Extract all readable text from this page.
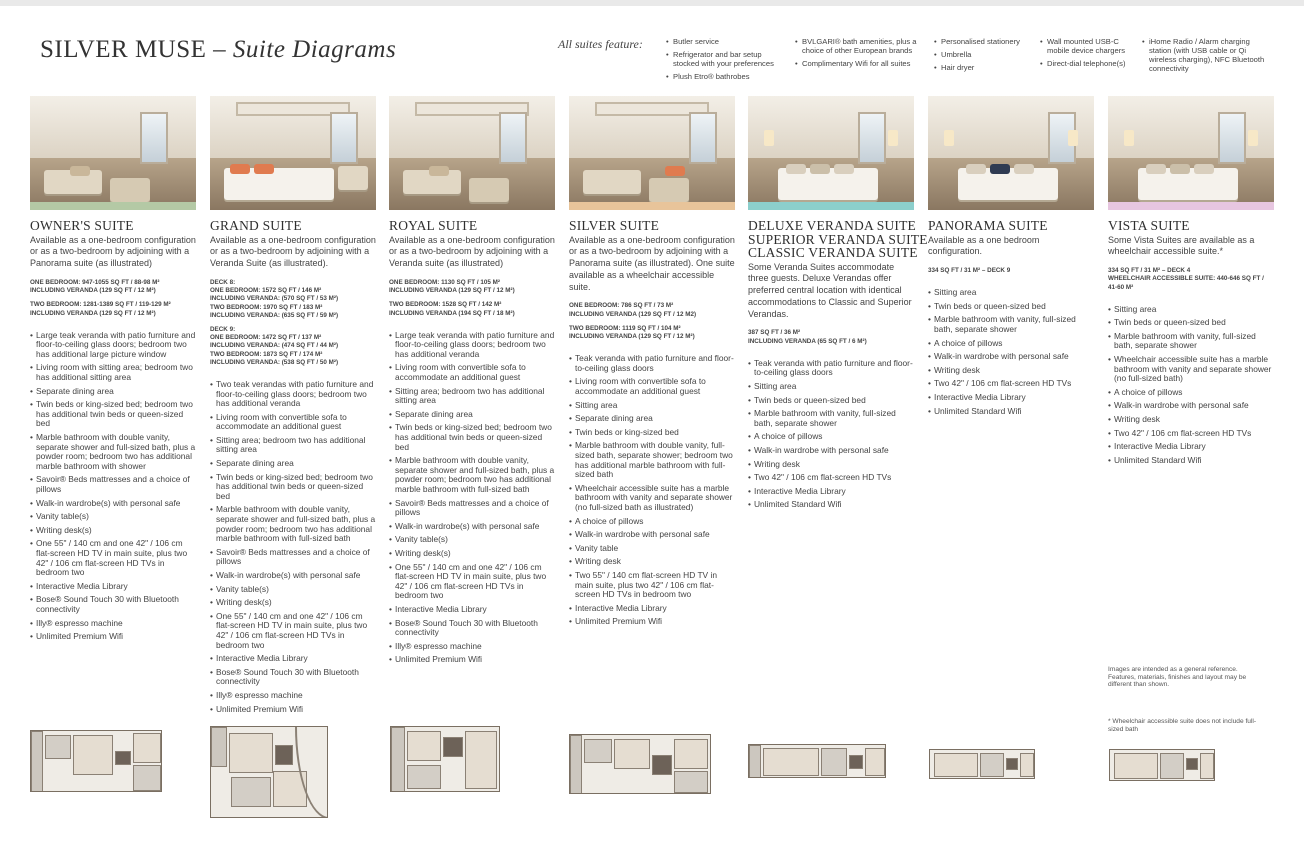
SILVER MUSE – Suite Diagrams	All suites feature:
•	Butler service
• Refrigerator and bar setup stocked with your preferences
• Plush Etro® bathrobes
• BVLGARI® bath amenities, plus a choice of other European brands
• Complimentary Wifi for all suites
• Personalised stationery
• Umbrella
• Hair dryer
• Wall mounted USB-C mobile device chargers
• Direct-dial telephone(s)
• iHome Radio / Alarm charging station (with USB cable or Qi wireless charging), NFC Bluetooth connectivity
OWNER'S SUITE
Available as a one-bedroom configuration or as a two-bedroom by adjoining with a Panorama suite (as illustrated)
ONE BEDROOM: 947-1055 SQ FT / 88-98 M²
INCLUDING VERANDA (129 SQ FT / 12 M²)
TWO BEDROOM: 1281-1389 SQ FT / 119-129 M²
INCLUDING VERANDA (129 SQ FT / 12 M²)
• Large teak veranda with patio furniture and floor-to-ceiling glass doors; bedroom two has additional large picture window
• Living room with sitting area; bedroom two has additional sitting area
• Separate dining area
• Twin beds or king-sized bed; bedroom two has additional twin beds or queen-sized bed
• Marble bathroom with double vanity, separate shower and full-sized bath, plus a powder room; bedroom two has additional marble bathroom with shower
• Savoir® Beds mattresses and a choice of pillows
• Walk-in wardrobe(s) with personal safe
• Vanity table(s)
• Writing desk(s)
• One 55" / 140 cm and one 42" / 106 cm flat-screen HD TV in main suite, plus two 42" / 106 cm flat-screen HD TVs in bedroom two
• Interactive Media Library
• Bose® Sound Touch 30 with Bluetooth connectivity
• Illy® espresso machine
• Unlimited Premium Wifi
GRAND SUITE
Available as a one-bedroom configuration or as a two-bedroom by adjoining with a Veranda Suite (as illustrated).
DECK 8:
ONE BEDROOM: 1572 SQ FT / 146 M²
INCLUDING VERANDA: (570 SQ FT / 53 M²)
TWO BEDROOM: 1970 SQ FT / 183 M²
INCLUDING VERANDA: (635 SQ FT / 59 M²)
DECK 9:
ONE BEDROOM: 1472 SQ FT / 137 M²
INCLUDING VERANDA: (474 SQ FT / 44 M²)
TWO BEDROOM: 1873 SQ FT / 174 M²
INCLUDING VERANDA: (538 SQ FT / 50 M²)
• Two teak verandas with patio furniture and floor-to-ceiling glass doors; bedroom two has additional veranda
• Living room with convertible sofa to accommodate an additional guest
• Sitting area; bedroom two has additional sitting area
• Separate dining area
• Twin beds or king-sized bed; bedroom two has additional twin beds or queen-sized bed
• Marble bathroom with double vanity, separate shower and full-sized bath, plus a powder room; bedroom two has additional marble bathroom with full-sized bath
• Savoir® Beds mattresses and a choice of pillows
• Walk-in wardrobe(s) with personal safe
• Vanity table(s)
• Writing desk(s)
• One 55" / 140 cm and one 42" / 106 cm flat-screen HD TV in main suite, plus two 42" / 106 cm flat-screen HD TVs in bedroom two
• Interactive Media Library
• Bose® Sound Touch 30 with Bluetooth connectivity
• Illy® espresso machine
• Unlimited Premium Wifi
ROYAL SUITE
Available as a one-bedroom configuration or as a two-bedroom by adjoining with a Veranda suite (as illustrated)
ONE BEDROOM: 1130 SQ FT / 105 M²
INCLUDING VERANDA (129 SQ FT / 12 M²)
TWO BEDROOM: 1528 SQ FT / 142 M²
INCLUDING VERANDA (194 SQ FT / 18 M²)
• Large teak veranda with patio furniture and floor-to-ceiling glass doors; bedroom two has additional veranda
• Living room with convertible sofa to accommodate an additional guest
• Sitting area; bedroom two has additional sitting area
• Separate dining area
• Twin beds or king-sized bed; bedroom two has additional twin beds or queen-sized bed
• Marble bathroom with double vanity, separate shower and full-sized bath, plus a powder room; bedroom two has additional marble bathroom with full-sized bath
• Savoir® Beds mattresses and a choice of pillows
• Walk-in wardrobe(s) with personal safe
• Vanity table(s)
• Writing desk(s)
• One 55" / 140 cm and one 42" / 106 cm flat-screen HD TV in main suite, plus two 42" / 106 cm flat-screen HD TVs in bedroom two
• Interactive Media Library
• Bose® Sound Touch 30 with Bluetooth connectivity
• Illy® espresso machine
• Unlimited Premium Wifi
SILVER SUITE
Available as a one-bedroom configuration or as a two-bedroom by adjoining with a Panorama suite (as illustrated). One suite available as a wheelchair accessible suite.
ONE BEDROOM: 786 SQ FT / 73 M²
INCLUDING VERANDA (129 SQ FT / 12 M2)
TWO BEDROOM: 1119 SQ FT / 104 M²
INCLUDING VERANDA (129 SQ FT / 12 M²)
• Teak veranda with patio furniture and floor-to-ceiling glass doors
• Living room with convertible sofa to accommodate an additional guest
• Sitting area
• Separate dining area
• Twin beds or king-sized bed
• Marble bathroom with double vanity, full-sized bath, separate shower; bedroom two has additional marble bathroom with full-sized bath
• Wheelchair accessible suite has a marble bathroom with vanity and separate shower (no full-sized bath as illustrated)
• A choice of pillows
• Walk-in wardrobe with personal safe
• Vanity table
• Writing desk
• Two 55" / 140 cm flat-screen HD TV in main suite, plus two 42" / 106 cm flat-screen HD TVs in bedroom two
• Interactive Media Library
• Unlimited Premium Wifi
DELUXE VERANDA SUITE
SUPERIOR VERANDA SUITE
CLASSIC VERANDA SUITE
Some Veranda Suites accommodate three guests. Deluxe Verandas offer preferred central location with identical accommodations to Classic and Superior Verandas.
387 SQ FT / 36 M²
INCLUDING VERANDA (65 SQ FT / 6 M²)
• Teak veranda with patio furniture and floor-to-ceiling glass doors
• Sitting area
• Twin beds or queen-sized bed
• Marble bathroom with vanity, full-sized bath, separate shower
• A choice of pillows
• Walk-in wardrobe with personal safe
• Writing desk
• Two 42" / 106 cm flat-screen HD TVs
• Interactive Media Library
• Unlimited Standard Wifi
PANORAMA SUITE
Available as a one bedroom configuration.
334 SQ FT / 31 M² – DECK 9
• Sitting area
• Twin beds or queen-sized bed
• Marble bathroom with vanity, full-sized bath, separate shower
• A choice of pillows
• Walk-in wardrobe with personal safe
• Writing desk
• Two 42" / 106 cm flat-screen HD TVs
• Interactive Media Library
• Unlimited Standard Wifi
VISTA SUITE
Some Vista Suites are available as a wheelchair accessible suite.*
334 SQ FT / 31 M² – DECK 4
WHEELCHAIR ACCESSIBLE SUITE: 440-646 SQ FT / 41-60 M²
• Sitting area
• Twin beds or queen-sized bed
• Marble bathroom with vanity, full-sized bath, separate shower
• Wheelchair accessible suite has a marble bathroom with vanity and separate shower (no full-sized bath)
• A choice of pillows
• Walk-in wardrobe with personal safe
• Writing desk
• Two 42" / 106 cm flat-screen HD TVs
• Interactive Media Library
• Unlimited Standard Wifi
Images are intended as a general reference. Features, materials, finishes and layout may be different than shown.
* Wheelchair accessible suite does not include full-sized bath
